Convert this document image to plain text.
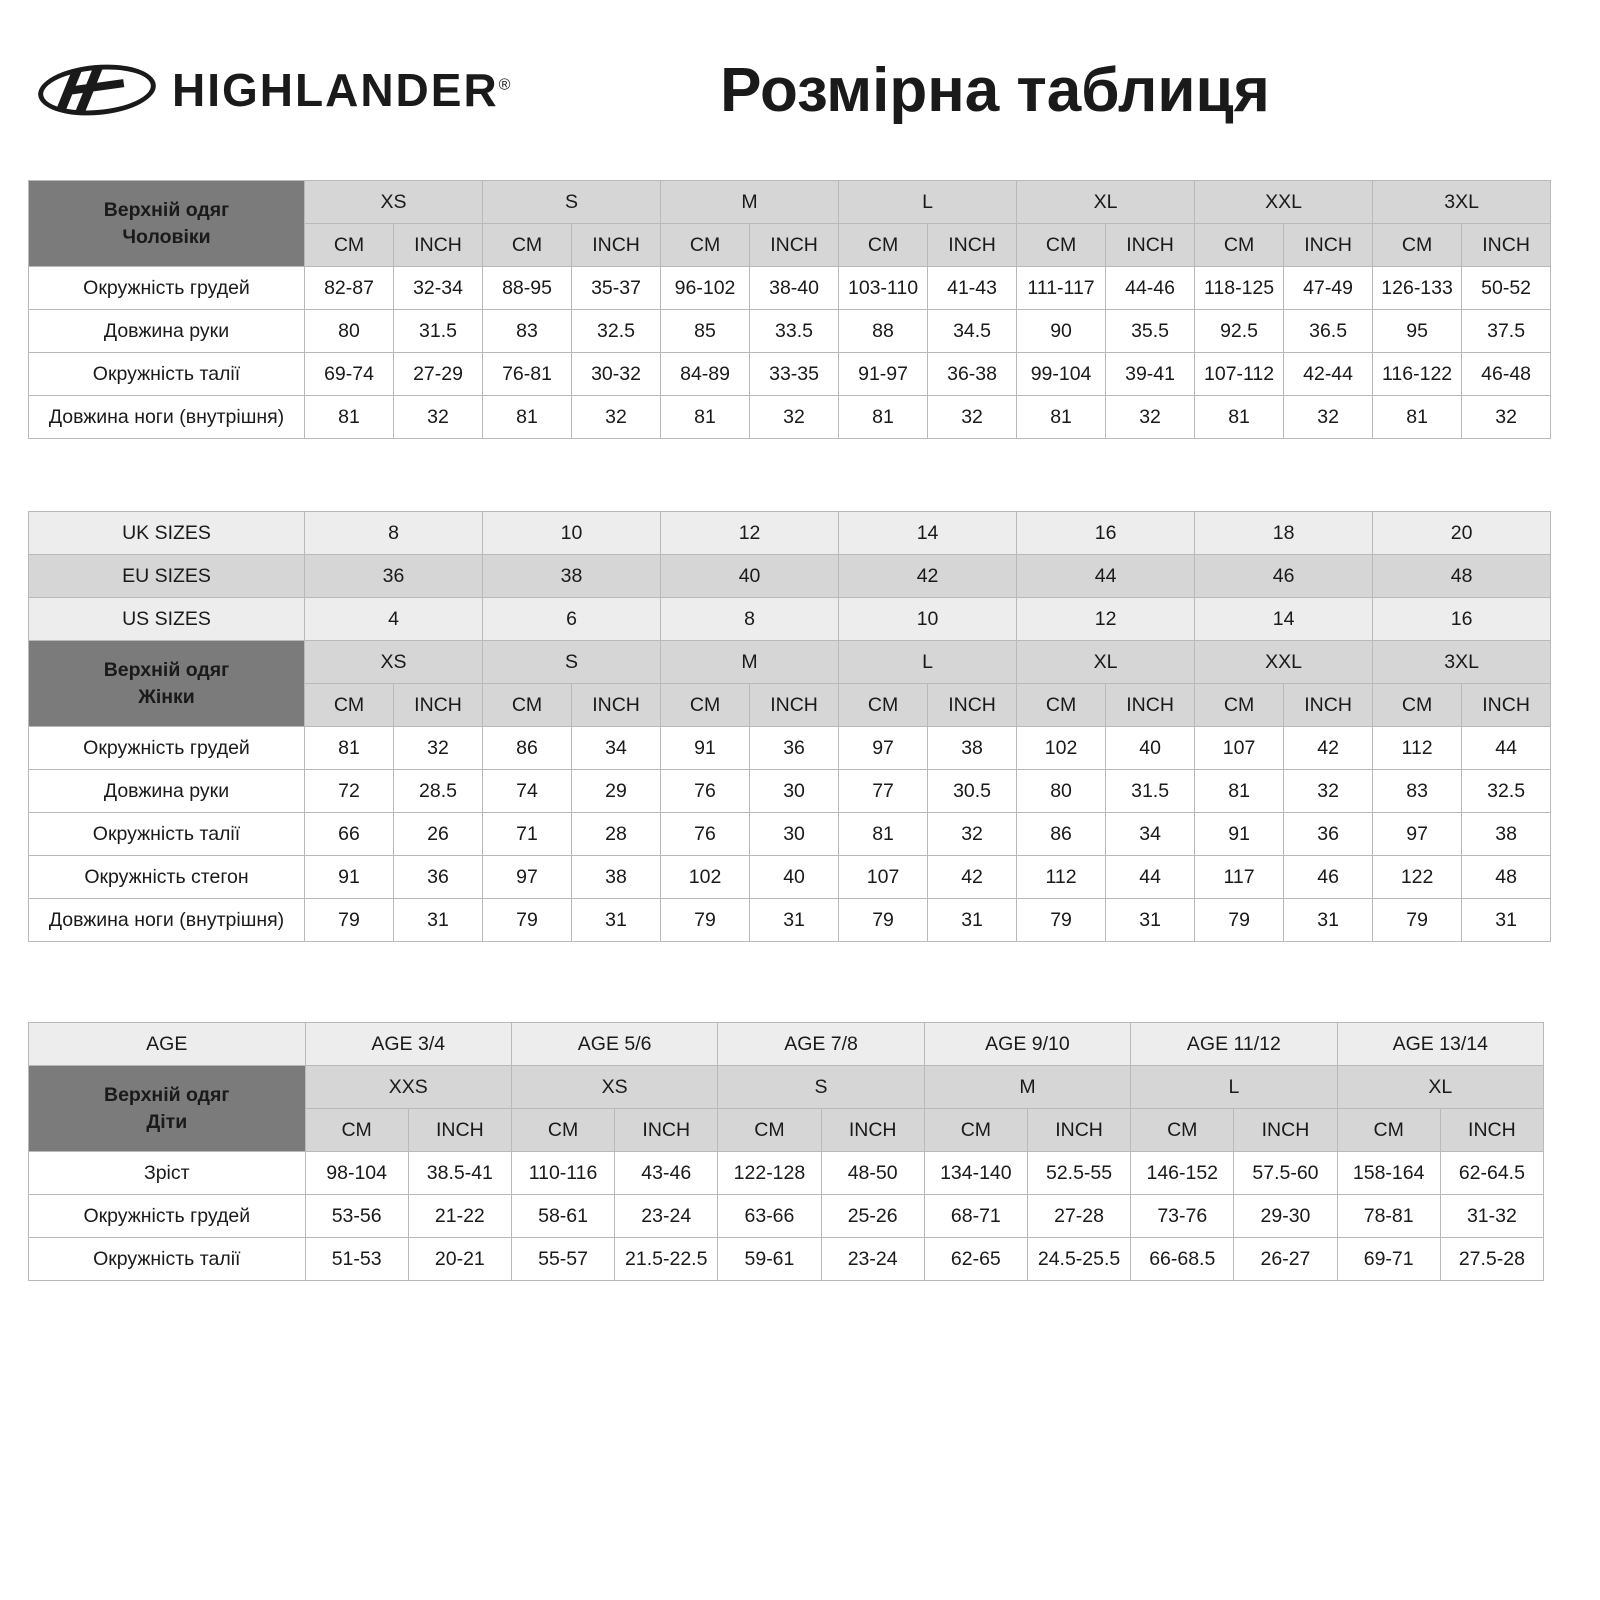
HIGHLANDER®	Розмірна таблиця
Верхній одяг
Чоловіки	XS		S		M		L		XL		XXL		3XL	
	CM	INCH	CM	INCH	CM	INCH	CM	INCH	CM	INCH	CM	INCH	CM	INCH
Окружність грудей	82-87	32-34	88-95	35-37	96-102	38-40	103-110	41-43	111-117	44-46	118-125	47-49	126-133	50-52
Довжина руки	80	31.5	83	32.5	85	33.5	88	34.5	90	35.5	92.5	36.5	95	37.5
Окружність талії	69-74	27-29	76-81	30-32	84-89	33-35	91-97	36-38	99-104	39-41	107-112	42-44	116-122	46-48
Довжина ноги (внутрішня)	81	32	81	32	81	32	81	32	81	32	81	32	81	32
UK SIZES	8		10		12		14		16		18		20	
EU SIZES	36		38		40		42		44		46		48	
US SIZES	4		6		8		10		12		14		16	
Верхній одяг
Жінки	XS		S		M		L		XL		XXL		3XL	
	CM	INCH	CM	INCH	CM	INCH	CM	INCH	CM	INCH	CM	INCH	CM	INCH
Окружність грудей	81	32	86	34	91	36	97	38	102	40	107	42	112	44
Довжина руки	72	28.5	74	29	76	30	77	30.5	80	31.5	81	32	83	32.5
Окружність талії	66	26	71	28	76	30	81	32	86	34	91	36	97	38
Окружність стегон	91	36	97	38	102	40	107	42	112	44	117	46	122	48
Довжина ноги (внутрішня)	79	31	79	31	79	31	79	31	79	31	79	31	79	31
AGE	AGE 3/4		AGE 5/6		AGE 7/8		AGE 9/10		AGE 11/12		AGE 13/14	
Верхній одяг
Діти	XXS		XS		S		M		L		XL	
	CM	INCH	CM	INCH	CM	INCH	CM	INCH	CM	INCH	CM	INCH
Зріст	98-104	38.5-41	110-116	43-46	122-128	48-50	134-140	52.5-55	146-152	57.5-60	158-164	62-64.5
Окружність грудей	53-56	21-22	58-61	23-24	63-66	25-26	68-71	27-28	73-76	29-30	78-81	31-32
Окружність талії	51-53	20-21	55-57	21.5-22.5	59-61	23-24	62-65	24.5-25.5	66-68.5	26-27	69-71	27.5-28
